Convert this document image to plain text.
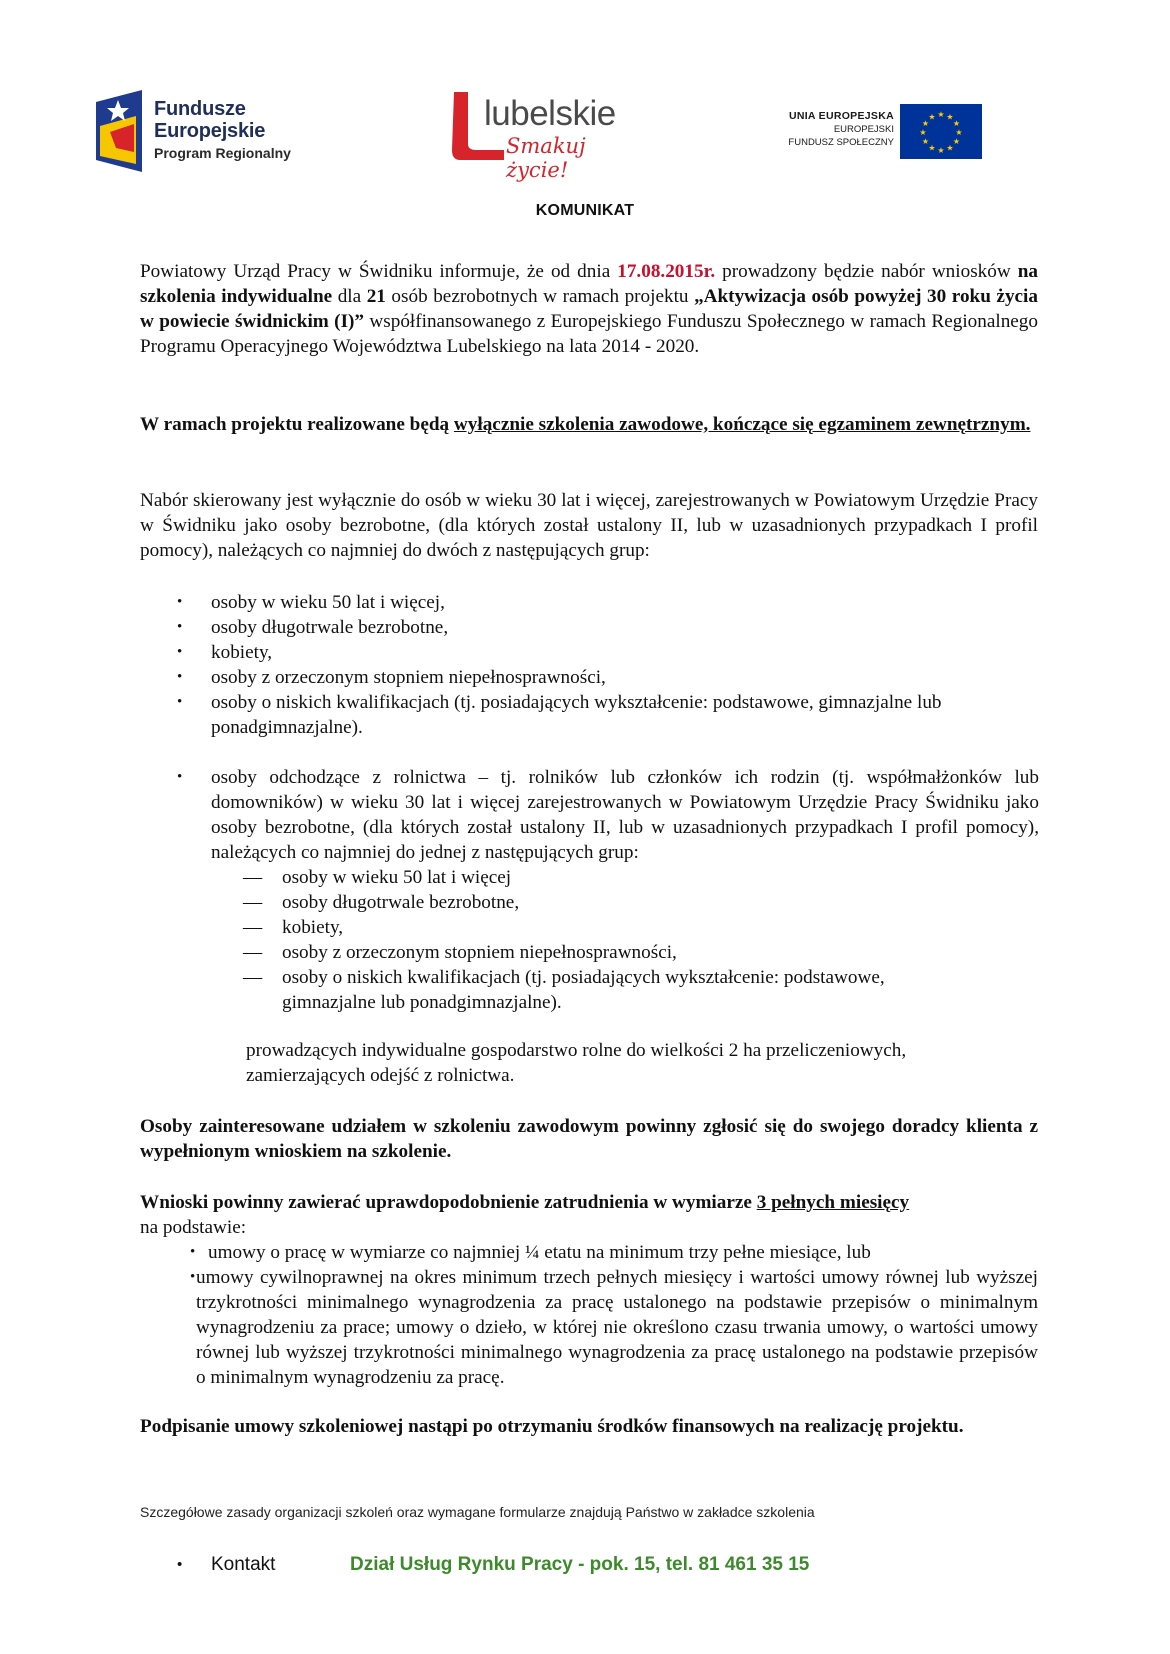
Fundusze
Europejskie
Program Regionalny
lubelskie
Smakuj życie!
UNIA EUROPEJSKA
EUROPEJSKI
FUNDUSZ SPOŁECZNY
★ ★
★
★
★
★
★
★
★
★
★
★
KOMUNIKAT

Powiatowy Urząd Pracy w Świdniku informuje, że od dnia 17.08.2015r. prowadzony będzie nabór wniosków na szkolenia indywidualne dla 21 osób bezrobotnych w ramach projektu „Aktywizacja osób powyżej 30 roku życia w powiecie świdnickim (I)” współfinansowanego z Europejskiego Funduszu Społecznego w ramach Regionalnego Programu Operacyjnego Województwa Lubelskiego na lata 2014 - 2020.

W ramach projektu realizowane będą wyłącznie szkolenia zawodowe, kończące się egzaminem zewnętrznym.

Nabór skierowany jest wyłącznie do osób w wieku 30 lat i więcej, zarejestrowanych w Powiatowym Urzędzie Pracy w Świdniku jako osoby bezrobotne, (dla których został ustalony II, lub w uzasadnionych przypadkach I profil pomocy), należących co najmniej do dwóch z następujących grup:

• osoby w wieku 50 lat i więcej,
• osoby długotrwale bezrobotne,
• kobiety,
• osoby z orzeczonym stopniem niepełnosprawności,
• osoby o niskich kwalifikacjach (tj. posiadających wykształcenie: podstawowe, gimnazjalne lub ponadgimnazjalne).
• osoby odchodzące z rolnictwa – tj. rolników lub członków ich rodzin (tj. współmałżonków lub domowników) w wieku 30 lat i więcej zarejestrowanych w Powiatowym Urzędzie Pracy Świdniku jako osoby bezrobotne, (dla których został ustalony II, lub w uzasadnionych przypadkach I profil pomocy), należących co najmniej do jednej z następujących grup:
— osoby w wieku 50 lat i więcej
— osoby długotrwale bezrobotne,
— kobiety,
— osoby z orzeczonym stopniem niepełnosprawności,
— osoby o niskich kwalifikacjach (tj. posiadających wykształcenie: podstawowe, gimnazjalne lub ponadgimnazjalne).

prowadzących indywidualne gospodarstwo rolne do wielkości 2 ha przeliczeniowych, zamierzających odejść z rolnictwa.

Osoby zainteresowane udziałem w szkoleniu zawodowym powinny zgłosić się do swojego doradcy klienta z wypełnionym wnioskiem na szkolenie.

Wnioski powinny zawierać uprawdopodobnienie zatrudnienia w wymiarze 3 pełnych miesięcy
na podstawie:

• umowy o pracę w wymiarze co najmniej ¼ etatu na minimum trzy pełne miesiące, lub
• umowy cywilnoprawnej na okres minimum trzech pełnych miesięcy i wartości umowy równej lub wyższej trzykrotności minimalnego wynagrodzenia za pracę ustalonego na podstawie przepisów o minimalnym wynagrodzeniu za prace; umowy o dzieło, w której nie określono czasu trwania umowy, o wartości umowy równej lub wyższej trzykrotności minimalnego wynagrodzenia za pracę ustalonego na podstawie przepisów o minimalnym wynagrodzeniu za pracę.

Podpisanie umowy szkoleniowej nastąpi po otrzymaniu środków finansowych na realizację projektu.

Szczegółowe zasady organizacji szkoleń oraz wymagane formularze znajdują Państwo w zakładce szkolenia
• Kontakt	Dział Usług Rynku Pracy - pok. 15, tel. 81 461 35 15
